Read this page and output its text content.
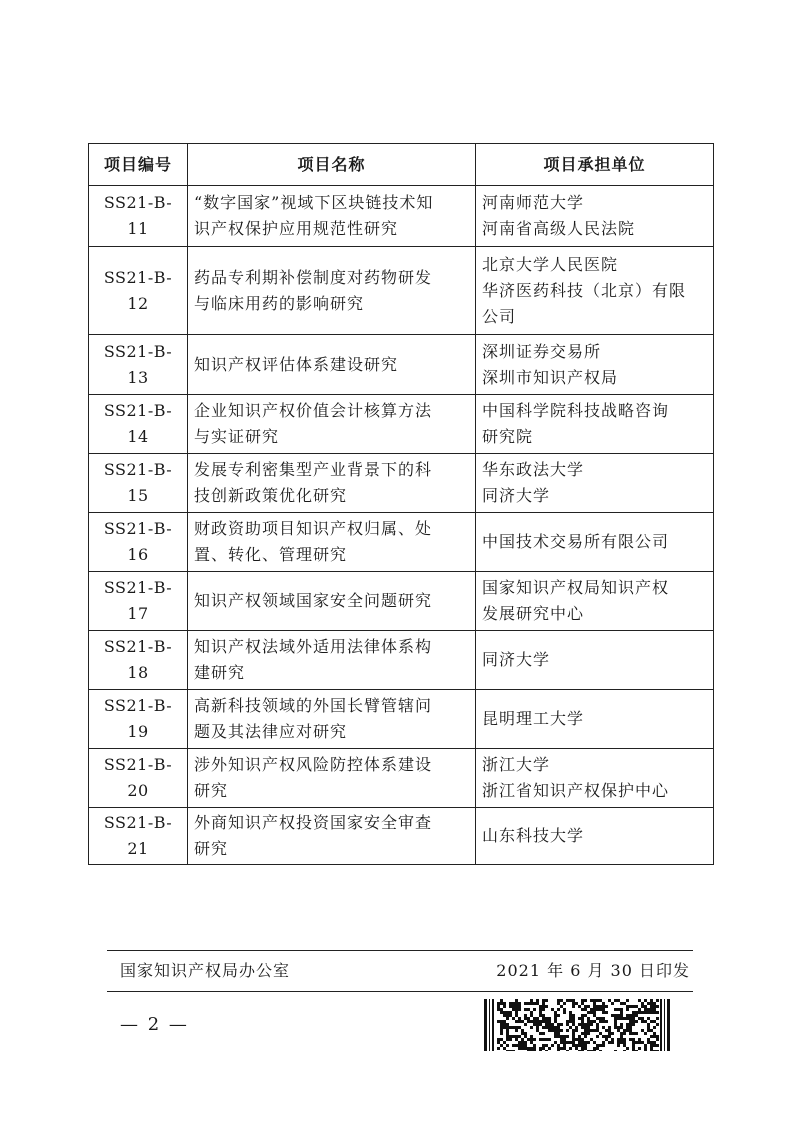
项目编号	项目名称	项目承担单位
SS21-B-11	“数字国家”视域下区块链技术知
识产权保护应用规范性研究	河南师范大学
河南省高级人民法院

SS21-B-12	药品专利期补偿制度对药物研发
与临床用药的影响研究	北京大学人民医院
华济医药科技（北京）有限
公司

SS21-B-13	知识产权评估体系建设研究	深圳证券交易所
深圳市知识产权局

SS21-B-14	企业知识产权价值会计核算方法
与实证研究	中国科学院科技战略咨询
研究院

SS21-B-15	发展专利密集型产业背景下的科
技创新政策优化研究	华东政法大学
同济大学

SS21-B-16	财政资助项目知识产权归属、处
置、转化、管理研究	中国技术交易所有限公司

SS21-B-17	知识产权领域国家安全问题研究	国家知识产权局知识产权
发展研究中心

SS21-B-18	知识产权法域外适用法律体系构
建研究	同济大学

SS21-B-19	高新科技领域的外国长臂管辖问
题及其法律应对研究	昆明理工大学

SS21-B-20	涉外知识产权风险防控体系建设
研究	浙江大学
浙江省知识产权保护中心

SS21-B-21	外商知识产权投资国家安全审查
研究	山东科技大学
国家知识产权局办公室	2021 年 6 月 30 日印发
— 2 —
